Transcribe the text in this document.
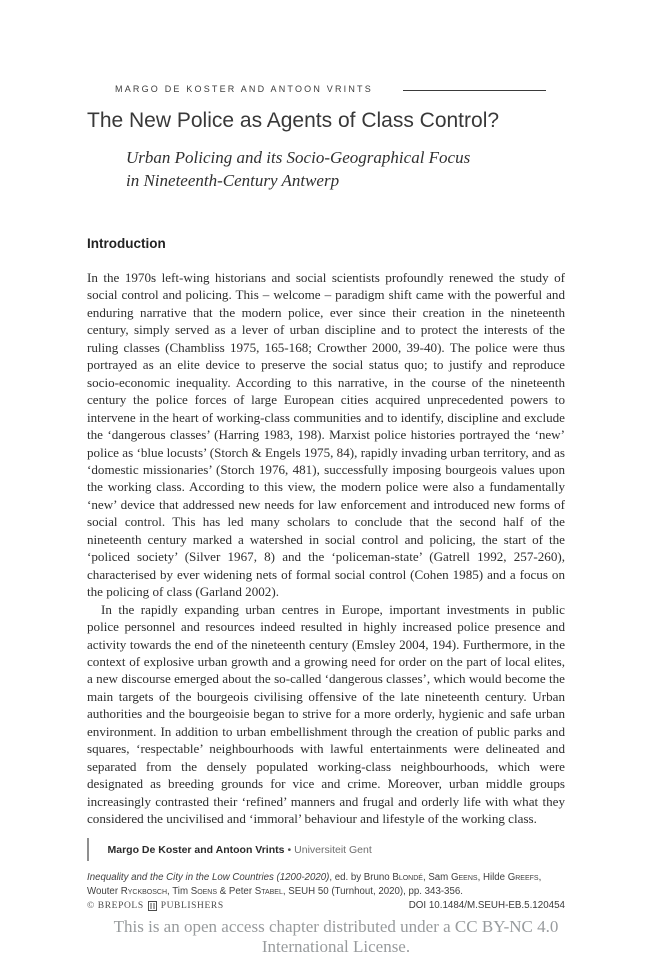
MARGO DE KOSTER AND ANTOON VRINTS
The New Police as Agents of Class Control?
Urban Policing and its Socio-Geographical Focus
in Nineteenth-Century Antwerp
Introduction

In the 1970s left-wing historians and social scientists profoundly renewed the study of social control and policing. This – welcome – paradigm shift came with the powerful and enduring narrative that the modern police, ever since their creation in the nineteenth century, simply served as a lever of urban discipline and to protect the interests of the ruling classes (Chambliss 1975, 165-168; Crowther 2000, 39-40). The police were thus portrayed as an elite device to preserve the social status quo; to justify and reproduce socio-economic inequality. According to this narrative, in the course of the nineteenth century the police forces of large European cities acquired unprecedented powers to intervene in the heart of working-class communities and to identify, discipline and exclude the ‘dangerous classes’ (Harring 1983, 198). Marxist police histories portrayed the ‘new’ police as ‘blue locusts’ (Storch & Engels 1975, 84), rapidly invading urban territory, and as ‘domestic missionaries’ (Storch 1976, 481), successfully imposing bourgeois values upon the working class. According to this view, the modern police were also a fundamentally ‘new’ device that addressed new needs for law enforcement and introduced new forms of social control. This has led many scholars to conclude that the second half of the nineteenth century marked a watershed in social control and policing, the start of the ‘policed society’ (Silver 1967, 8) and the ‘policeman-state’ (Gatrell 1992, 257-260), characterised by ever widening nets of formal social control (Cohen 1985) and a focus on the policing of class (Garland 2002).

In the rapidly expanding urban centres in Europe, important investments in public police personnel and resources indeed resulted in highly increased police presence and activity towards the end of the nineteenth century (Emsley 2004, 194). Furthermore, in the context of explosive urban growth and a growing need for order on the part of local elites, a new discourse emerged about the so-called ‘dangerous classes’, which would become the main targets of the bourgeois civilising offensive of the late nineteenth century. Urban authorities and the bourgeoisie began to strive for a more orderly, hygienic and safe urban environment. In addition to urban embellishment through the creation of public parks and squares, ‘respectable’ neighbourhoods with lawful entertainments were delineated and separated from the densely populated working-class neighbourhoods, which were designated as breeding grounds for vice and crime. Moreover, urban middle groups increasingly contrasted their ‘refined’ manners and frugal and orderly life with what they considered the uncivilised and ‘immoral’ behaviour and lifestyle of the working class.

Margo De Koster and Antoon Vrints • Universiteit Gent
Inequality and the City in the Low Countries (1200-2020), ed. by Bruno Blondé, Sam Geens, Hilde Greefs,
Wouter Ryckbosch, Tim Soens & Peter Stabel, SEUH 50 (Turnhout, 2020), pp. 343-356.
© BREPOLS PUBLISHERS	DOI 10.1484/M.SEUH-EB.5.120454
This is an open access chapter distributed under a CC BY-NC 4.0 International License.
